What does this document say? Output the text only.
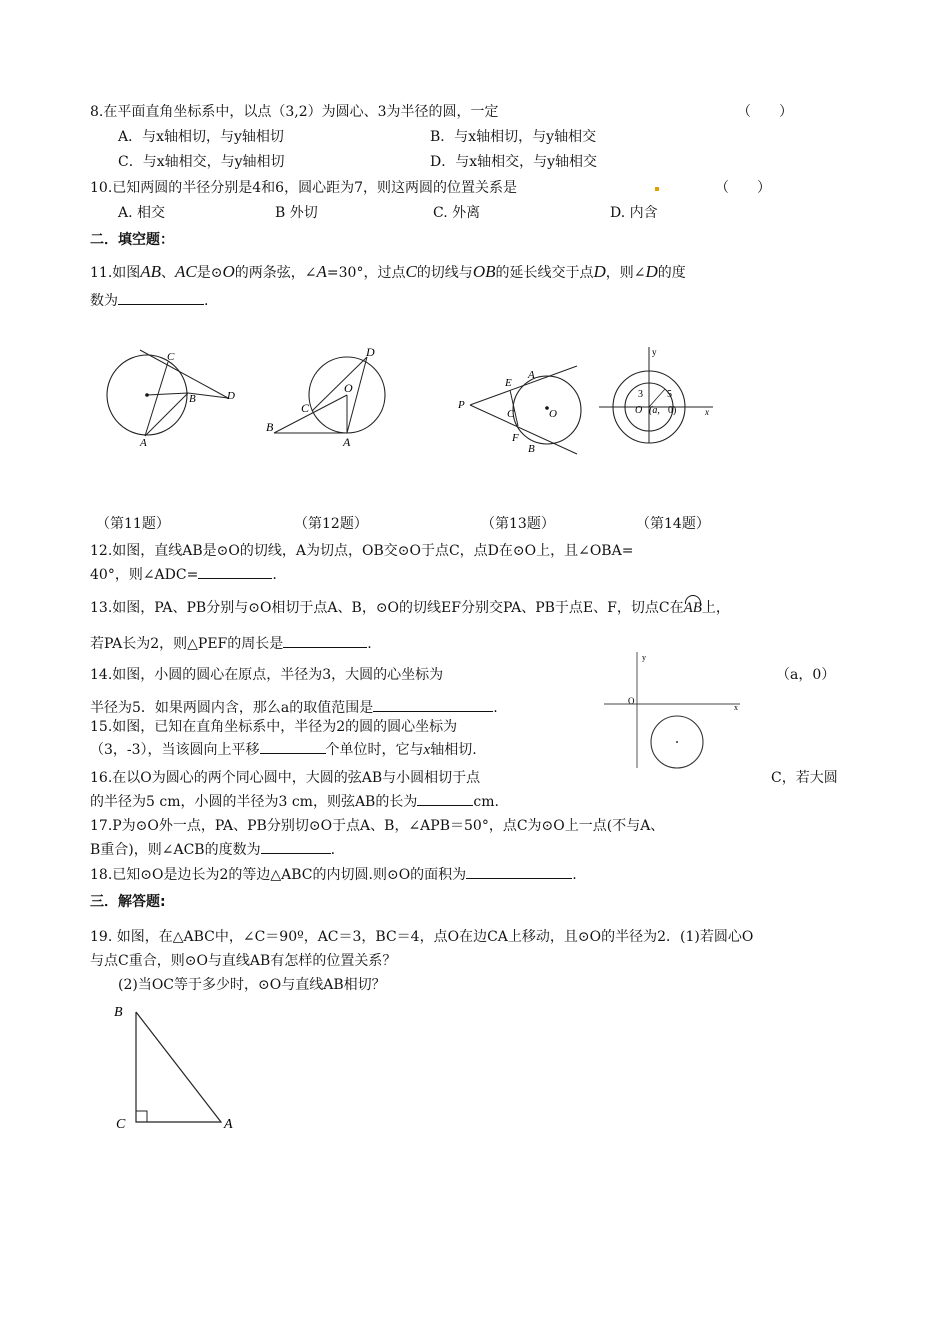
8.在平面直角坐标系中，以点（3,2）为圆心、3为半径的圆，一定	（　　）
A．与x轴相切，与y轴相切	B．与x轴相切，与y轴相交
C．与x轴相交，与y轴相切	D．与x轴相交，与y轴相交
10.已知两圆的半径分别是4和6，圆心距为7，则这两圆的位置关系是	（　　）
A. 相交	B 外切	C. 外离	D. 内含
二．填空题：
11.如图AB、AC是⊙O的两条弦，∠A=30°，过点C的切线与OB的延长线交于点D，则∠D的度
数为	.
C
B	D
A
D
O
C
B
A
A
E
P
C	O
F
B
y
3 5
O (a, 0)	x
（第11题）	（第12题）	（第13题）	（第14题）
12.如图，直线AB是⊙O的切线，A为切点，OB交⊙O于点C，点D在⊙O上，且∠OBA=
40°，则∠ADC=	.
13.如图，PA、PB分别与⊙O相切于点A、B，⊙O的切线EF分别交PA、PB于点E、F，切点C在
AB上，
若PA长为2，则△PEF的周长是	.
14.如图，小圆的圆心在原点，半径为3，大圆的心坐标为	（a，0）
半径为5．如果两圆内含，那么a的取值范围是	.
y
O
x
15.如图，已知在直角坐标系中，半径为2的圆的圆心坐标为
（3，-3），当该圆向上平移	个单位时，它与x轴相切.
16.在以O为圆心的两个同心圆中，大圆的弦AB与小圆相切于点	C，若大圆
的半径为5 cm，小圆的半径为3 cm，则弦AB的长为	cm.
17.P为⊙O外一点，PA、PB分别切⊙O于点A、B，∠APB＝50°，点C为⊙O上一点(不与A、
B重合)，则∠ACB的度数为	.
18.已知⊙O是边长为2的等边△ABC的内切圆.则⊙O的面积为	.
三．解答题:
19. 如图，在△ABC中，∠C＝90º，AC＝3，BC＝4，点O在边CA上移动，且⊙O的半径为2．(1)若圆心O
与点C重合，则⊙O与直线AB有怎样的位置关系？
(2)当OC等于多少时，⊙O与直线AB相切？
B
C	A
